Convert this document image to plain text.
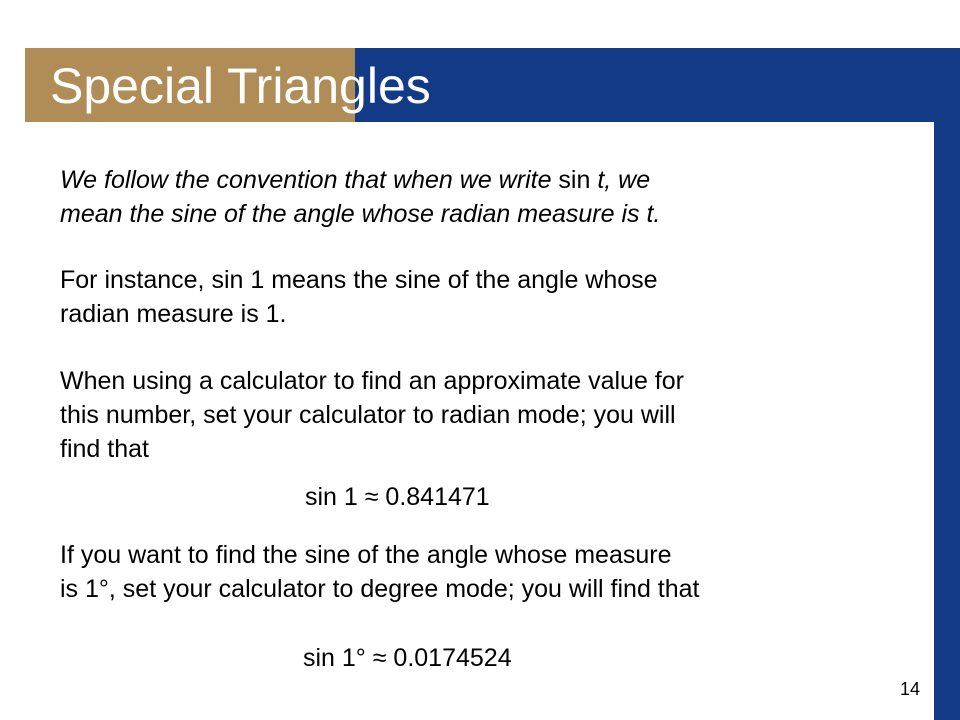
Special Triangles
We follow the convention that when we write sin t, we
mean the sine of the angle whose radian measure is t.
For instance, sin 1 means the sine of the angle whose
radian measure is 1.
When using a calculator to find an approximate value for
this number, set your calculator to radian mode; you will
find that
sin 1 ≈ 0.841471
If you want to find the sine of the angle whose measure
is 1°, set your calculator to degree mode; you will find that
sin 1° ≈ 0.0174524
14
